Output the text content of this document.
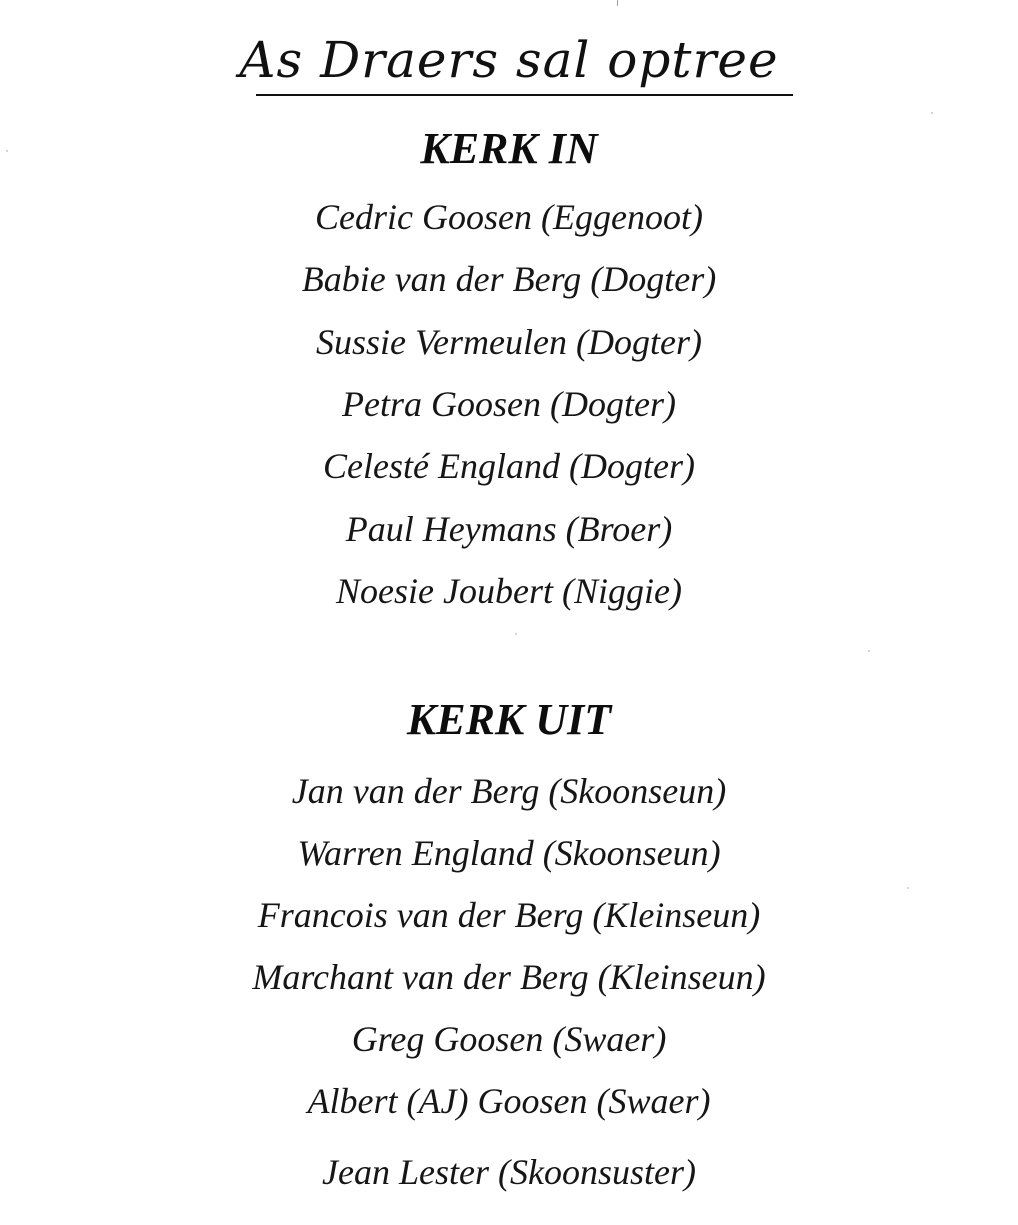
As Draers sal optree
KERK IN
Cedric Goosen (Eggenoot)
Babie van der Berg (Dogter)
Sussie Vermeulen (Dogter)
Petra Goosen (Dogter)
Celesté England (Dogter)
Paul Heymans (Broer)
Noesie Joubert (Niggie)
KERK UIT
Jan van der Berg (Skoonseun)
Warren England (Skoonseun)
Francois van der Berg (Kleinseun)
Marchant van der Berg (Kleinseun)
Greg Goosen (Swaer)
Albert (AJ) Goosen (Swaer)
Jean Lester (Skoonsuster)
